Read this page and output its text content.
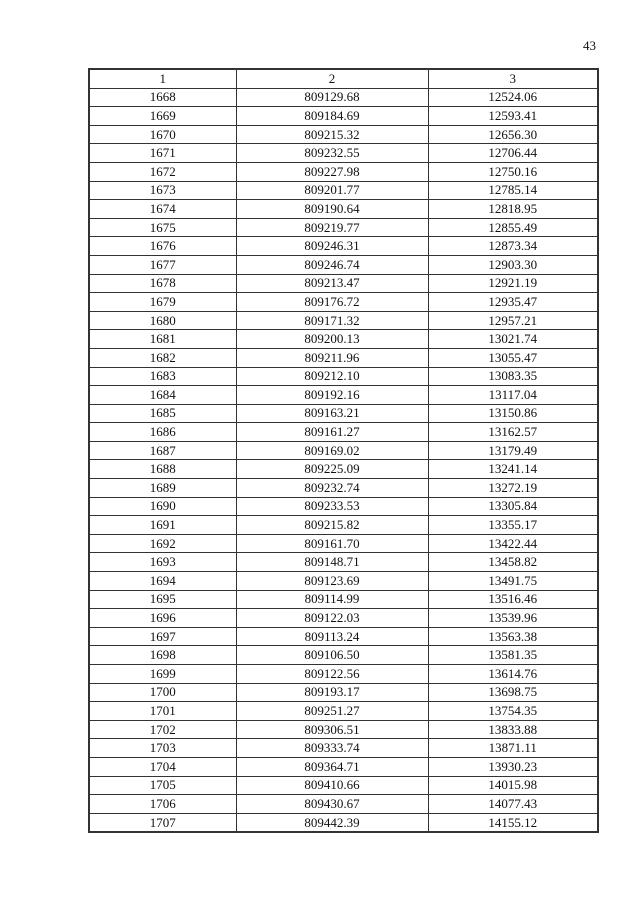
43
1	2	3
1668	809129.68	12524.06
1669	809184.69	12593.41
1670	809215.32	12656.30
1671	809232.55	12706.44
1672	809227.98	12750.16
1673	809201.77	12785.14
1674	809190.64	12818.95
1675	809219.77	12855.49
1676	809246.31	12873.34
1677	809246.74	12903.30
1678	809213.47	12921.19
1679	809176.72	12935.47
1680	809171.32	12957.21
1681	809200.13	13021.74
1682	809211.96	13055.47
1683	809212.10	13083.35
1684	809192.16	13117.04
1685	809163.21	13150.86
1686	809161.27	13162.57
1687	809169.02	13179.49
1688	809225.09	13241.14
1689	809232.74	13272.19
1690	809233.53	13305.84
1691	809215.82	13355.17
1692	809161.70	13422.44
1693	809148.71	13458.82
1694	809123.69	13491.75
1695	809114.99	13516.46
1696	809122.03	13539.96
1697	809113.24	13563.38
1698	809106.50	13581.35
1699	809122.56	13614.76
1700	809193.17	13698.75
1701	809251.27	13754.35
1702	809306.51	13833.88
1703	809333.74	13871.11
1704	809364.71	13930.23
1705	809410.66	14015.98
1706	809430.67	14077.43
1707	809442.39	14155.12
